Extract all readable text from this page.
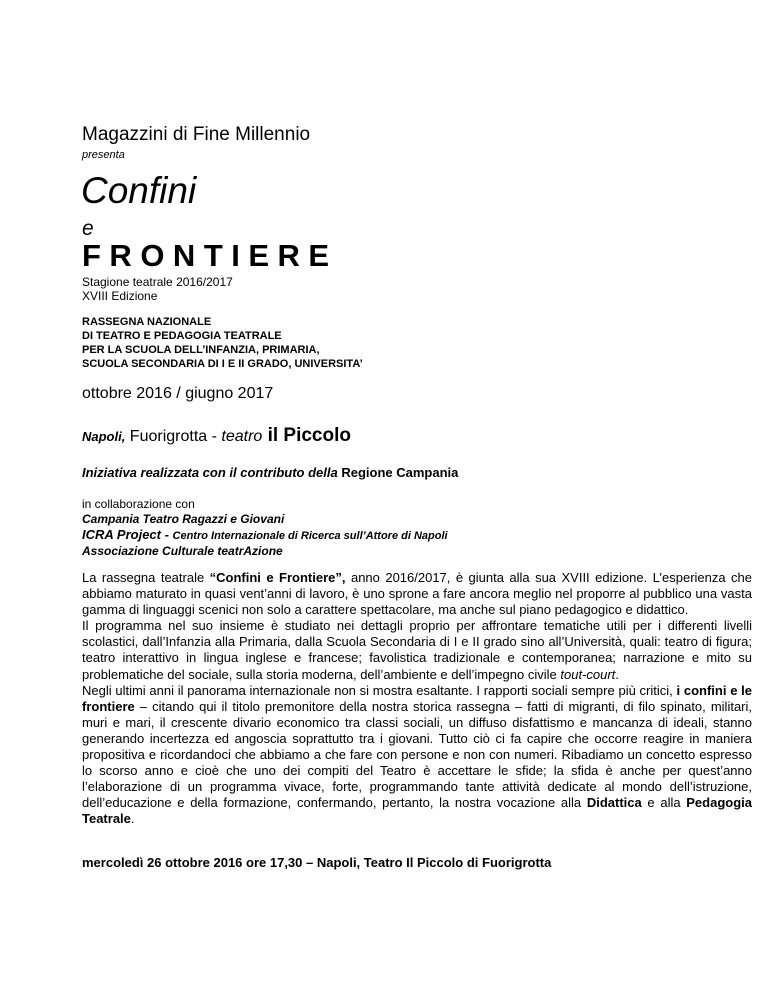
Magazzini di Fine Millennio
presenta
Confini
e
FRONTIERE
Stagione teatrale 2016/2017
XVIII Edizione
RASSEGNA NAZIONALE
DI TEATRO E PEDAGOGIA TEATRALE
PER LA SCUOLA DELL’INFANZIA, PRIMARIA,
SCUOLA SECONDARIA DI I E II GRADO, UNIVERSITA’
ottobre 2016 / giugno 2017
Napoli, Fuorigrotta - teatro il Piccolo
Iniziativa realizzata con il contributo della Regione Campania
in collaborazione con
Campania Teatro Ragazzi e Giovani
ICRA Project - Centro Internazionale di Ricerca sull’Attore di Napoli
Associazione Culturale teatrAzione

La rassegna teatrale “Confini e Frontiere”, anno 2016/2017, è giunta alla sua XVIII edizione. L’esperienza che abbiamo maturato in quasi vent’anni di lavoro, è uno sprone a fare ancora meglio nel proporre al pubblico una vasta gamma di linguaggi scenici non solo a carattere spettacolare, ma anche sul piano pedagogico e didattico.

Il programma nel suo insieme è studiato nei dettagli proprio per affrontare tematiche utili per i differenti livelli scolastici, dall’Infanzia alla Primaria, dalla Scuola Secondaria di I e II grado sino all’Università, quali: teatro di figura; teatro interattivo in lingua inglese e francese; favolistica tradizionale e contemporanea; narrazione e mito su problematiche del sociale, sulla storia moderna, dell’ambiente e dell’impegno civile tout-court.

Negli ultimi anni il panorama internazionale non si mostra esaltante. I rapporti sociali sempre più critici, i confini e le frontiere – citando qui il titolo premonitore della nostra storica rassegna – fatti di migranti, di filo spinato, militari, muri e mari, il crescente divario economico tra classi sociali, un diffuso disfattismo e mancanza di ideali, stanno generando incertezza ed angoscia soprattutto tra i giovani. Tutto ciò ci fa capire che occorre reagire in maniera propositiva e ricordandoci che abbiamo a che fare con persone e non con numeri. Ribadiamo un concetto espresso lo scorso anno e cioè che uno dei compiti del Teatro è accettare le sfide; la sfida è anche per quest’anno l’elaborazione di un programma vivace, forte, programmando tante attività dedicate al mondo dell’istruzione, dell’educazione e della formazione, confermando, pertanto, la nostra vocazione alla Didattica e alla Pedagogia Teatrale.

mercoledì 26 ottobre 2016 ore 17,30 – Napoli, Teatro Il Piccolo di Fuorigrotta
